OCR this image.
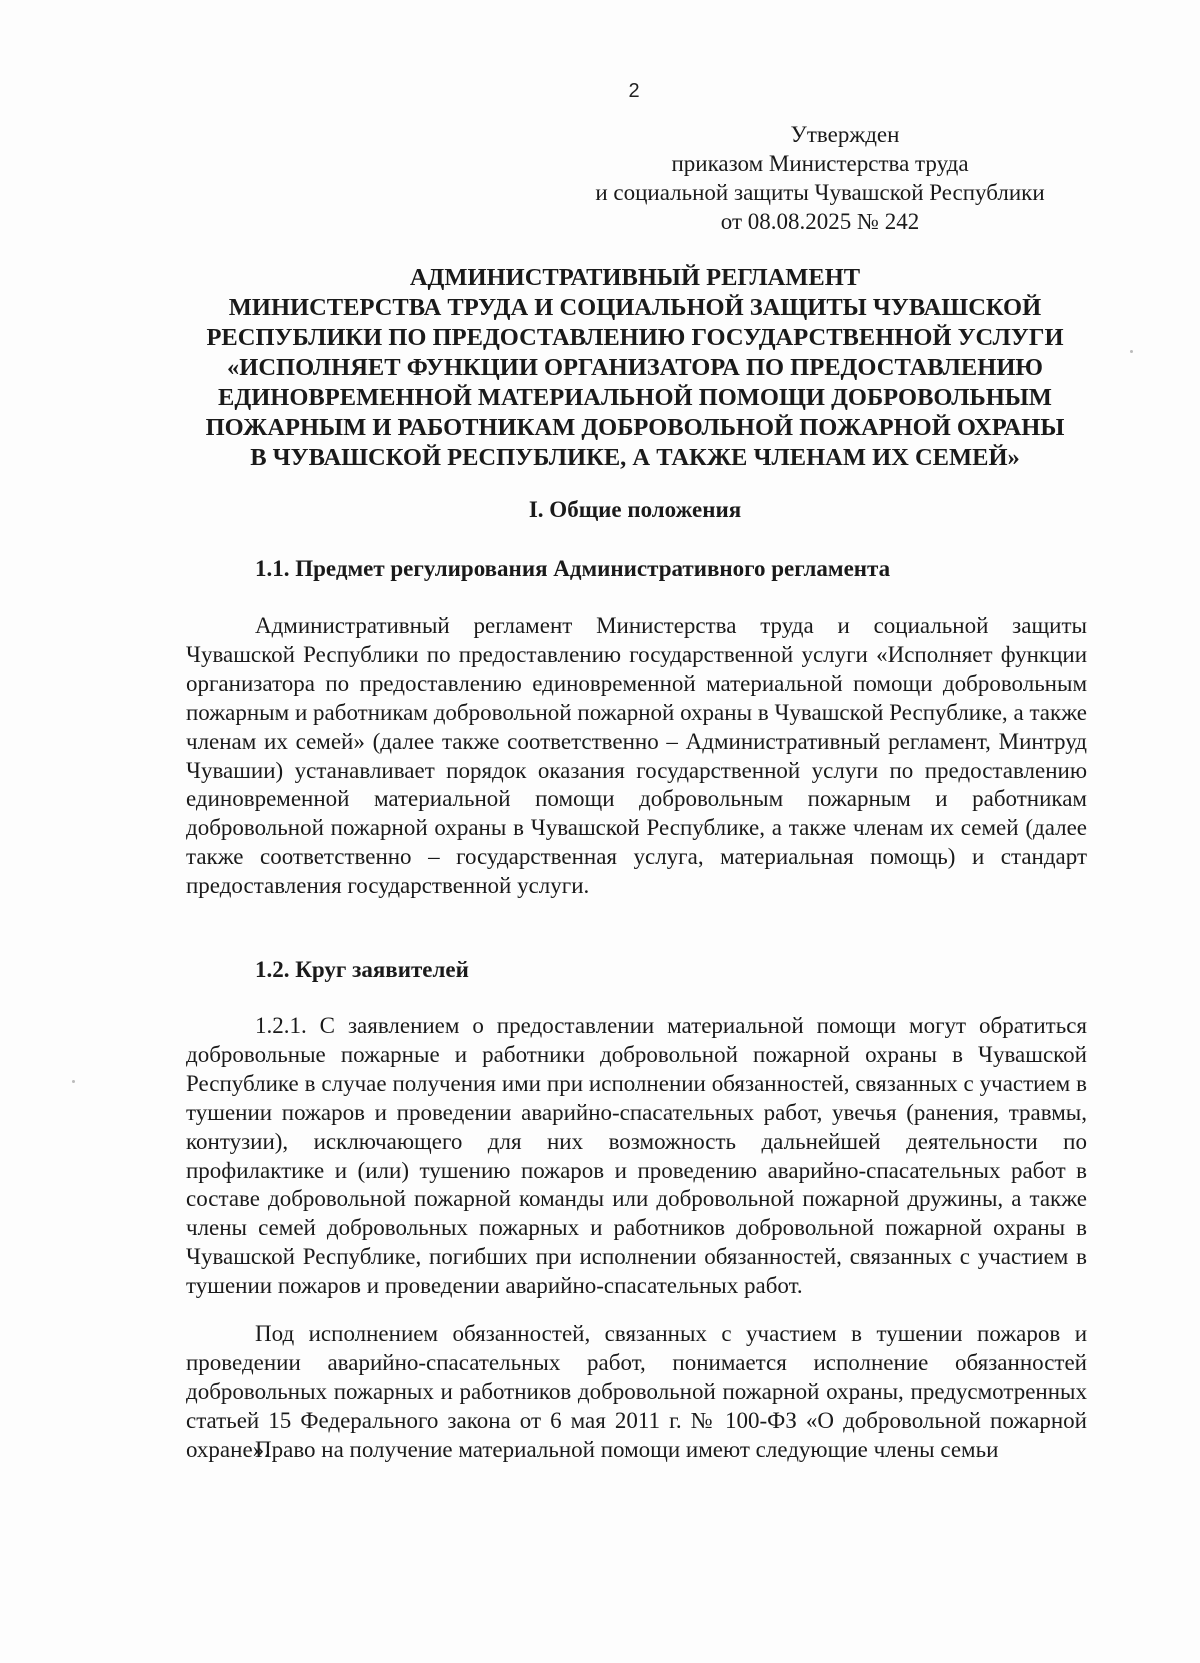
2
Утвержден
приказом Министерства труда
и социальной защиты Чувашской Республики
от 08.08.2025 № 242
АДМИНИСТРАТИВНЫЙ РЕГЛАМЕНТ
МИНИСТЕРСТВА ТРУДА И СОЦИАЛЬНОЙ ЗАЩИТЫ ЧУВАШСКОЙ
РЕСПУБЛИКИ ПО ПРЕДОСТАВЛЕНИЮ ГОСУДАРСТВЕННОЙ УСЛУГИ
«ИСПОЛНЯЕТ ФУНКЦИИ ОРГАНИЗАТОРА ПО ПРЕДОСТАВЛЕНИЮ
ЕДИНОВРЕМЕННОЙ МАТЕРИАЛЬНОЙ ПОМОЩИ ДОБРОВОЛЬНЫМ
ПОЖАРНЫМ И РАБОТНИКАМ ДОБРОВОЛЬНОЙ ПОЖАРНОЙ ОХРАНЫ
В ЧУВАШСКОЙ РЕСПУБЛИКЕ, А ТАКЖЕ ЧЛЕНАМ ИХ СЕМЕЙ»
I. Общие положения
1.1. Предмет регулирования Административного регламента
Административный регламент Министерства труда и социальной защиты Чувашской Республики по предоставлению государственной услуги «Исполняет функции организатора по предоставлению единовременной материальной помощи добровольным пожарным и работникам добровольной пожарной охраны в Чувашской Республике, а также членам их семей» (далее также соответственно – Административный регламент, Минтруд Чувашии) устанавливает порядок оказания государственной услуги по предоставлению единовременной материальной помощи добровольным пожарным и работникам добровольной пожарной охраны в Чувашской Республике, а также членам их семей (далее также соответственно – государственная услуга, материальная помощь) и стандарт предоставления государственной услуги.
1.2. Круг заявителей
1.2.1. С заявлением о предоставлении материальной помощи могут обратиться добровольные пожарные и работники добровольной пожарной охраны в Чувашской Республике в случае получения ими при исполнении обязанностей, связанных с участием в тушении пожаров и проведении аварийно-спасательных работ, увечья (ранения, травмы, контузии), исключающего для них возможность дальнейшей деятельности по профилактике и (или) тушению пожаров и проведению аварийно-спасательных работ в составе добровольной пожарной команды или добровольной пожарной дружины, а также члены семей добровольных пожарных и работников добровольной пожарной охраны в Чувашской Республике, погибших при исполнении обязанностей, связанных с участием в тушении пожаров и проведении аварийно-спасательных работ.
Под исполнением обязанностей, связанных с участием в тушении пожаров и проведении аварийно-спасательных работ, понимается исполнение обязанностей добровольных пожарных и работников добровольной пожарной охраны, предусмотренных статьей 15 Федерального закона от 6 мая 2011 г. № 100-ФЗ «О добровольной пожарной охране».
Право на получение материальной помощи имеют следующие члены семьи
